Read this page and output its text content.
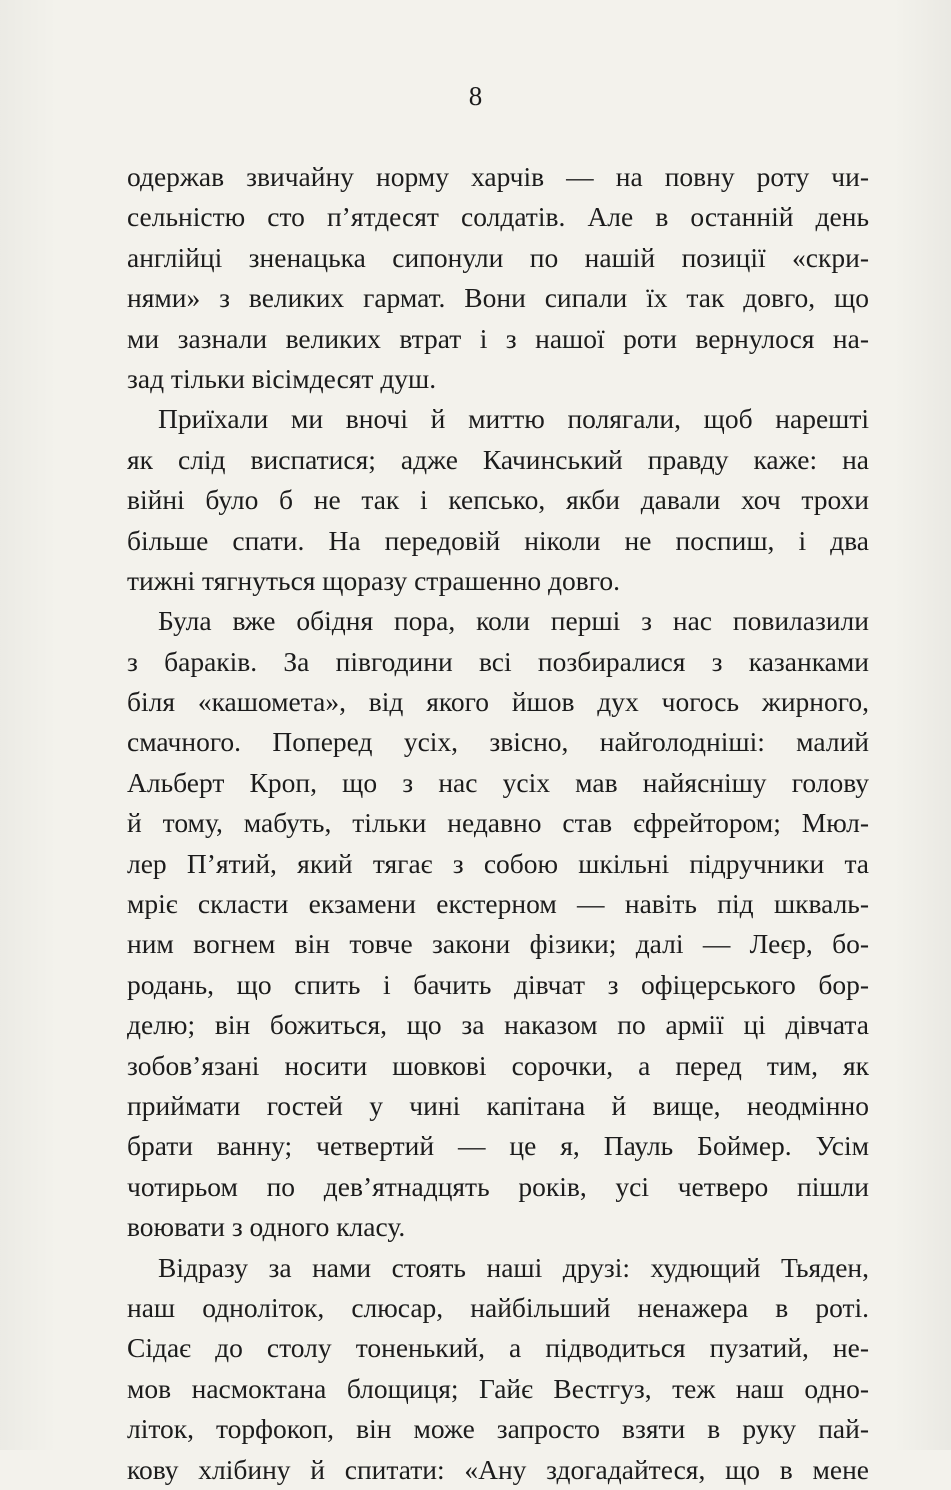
8
одержав звичайну норму харчів — на повну роту чи-
сельністю сто п’ятдесят солдатів. Але в останній день
англійці зненацька сипонули по нашій позиції «скри-
нями» з великих гармат. Вони сипали їх так довго, що
ми зазнали великих втрат і з нашої роти вернулося на-
зад тільки вісімдесят душ.
Приїхали ми вночі й миттю полягали, щоб нарешті
як слід виспатися; адже Качинський правду каже: на
війні було б не так і кепсько, якби давали хоч трохи
більше спати. На передовій ніколи не поспиш, і два
тижні тягнуться щоразу страшенно довго.
Була вже обідня пора, коли перші з нас повилазили
з бараків. За півгодини всі позбиралися з казанками
біля «кашомета», від якого йшов дух чогось жирного,
смачного. Поперед усіх, звісно, найголодніші: малий
Альберт Кроп, що з нас усіх мав найяснішу голову
й тому, мабуть, тільки недавно став єфрейтором; Мюл-
лер П’ятий, який тягає з собою шкільні підручники та
мріє скласти екзамени екстерном — навіть під шкваль-
ним вогнем він товче закони фізики; далі — Леєр, бо-
родань, що спить і бачить дівчат з офіцерського бор-
делю; він божиться, що за наказом по армії ці дівчата
зобов’язані носити шовкові сорочки, а перед тим, як
приймати гостей у чині капітана й вище, неодмінно
брати ванну; четвертий — це я, Пауль Боймер. Усім
чотирьом по дев’ятнадцять років, усі четверо пішли
воювати з одного класу.
Відразу за нами стоять наші друзі: худющий Тьяден,
наш одноліток, слюсар, найбільший ненажера в роті.
Сідає до столу тоненький, а підводиться пузатий, не-
мов насмоктана блощиця; Гайє Вестгуз, теж наш одно-
літок, торфокоп, він може запросто взяти в руку пай-
кову хлібину й спитати: «Ану здогадайтеся, що в мене
